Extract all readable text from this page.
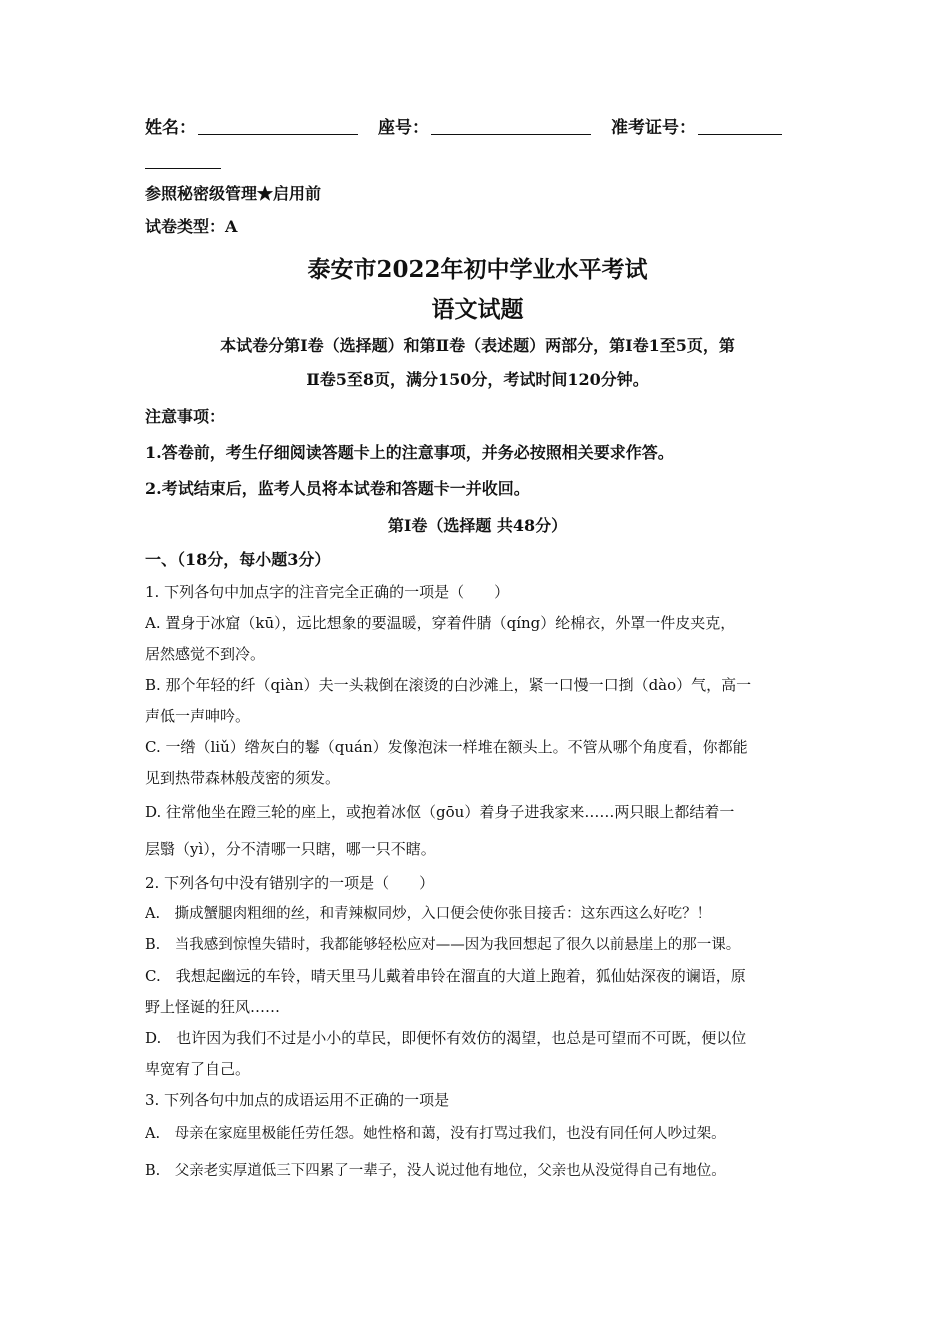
姓名：	座号：	准考证号：
参照秘密级管理★启用前
试卷类型：A
泰安市2022年初中学业水平考试
语文试题
本试卷分第Ⅰ卷（选择题）和第Ⅱ卷（表述题）两部分，第Ⅰ卷1至5页，第
Ⅱ卷5至8页，满分150分，考试时间120分钟。
注意事项：
1.答卷前，考生仔细阅读答题卡上的注意事项，并务必按照相关要求作答。
2.考试结束后，监考人员将本试卷和答题卡一并收回。
第Ⅰ卷（选择题 共48分）
一、（18分，每小题3分）
1. 下列各句中加点字的注音完全正确的一项是（　　）
A. 置身于冰窟（kū），远比想象的要温暖，穿着件腈（qíng）纶棉衣，外罩一件皮夹克，
居然感觉不到冷。
B. 那个年轻的纤（qiàn）夫一头栽倒在滚烫的白沙滩上，紧一口慢一口捯（dào）气，高一
声低一声呻吟。
C. 一绺（liǔ）绺灰白的鬈（quán）发像泡沫一样堆在额头上。不管从哪个角度看，你都能
见到热带森林般茂密的须发。
D. 往常他坐在蹬三轮的座上，或抱着冰伛（gōu）着身子进我家来……两只眼上都结着一
层翳（yì），分不清哪一只瞎，哪一只不瞎。
2. 下列各句中没有错别字的一项是（　　）
A.　撕成蟹腿肉粗细的丝，和青辣椒同炒，入口便会使你张目接舌：这东西这么好吃？！
B.　当我感到惊惶失错时，我都能够轻松应对——因为我回想起了很久以前悬崖上的那一课。
C.　我想起幽远的车铃，晴天里马儿戴着串铃在溜直的大道上跑着，狐仙姑深夜的谰语，原
野上怪诞的狂风……
D.　也许因为我们不过是小小的草民，即便怀有效仿的渴望，也总是可望而不可既，便以位
卑宽宥了自己。
3. 下列各句中加点的成语运用不正确的一项是
A.　母亲在家庭里极能任劳任怨。她性格和蔼，没有打骂过我们，也没有同任何人吵过架。
B.　父亲老实厚道低三下四累了一辈子，没人说过他有地位，父亲也从没觉得自己有地位。
